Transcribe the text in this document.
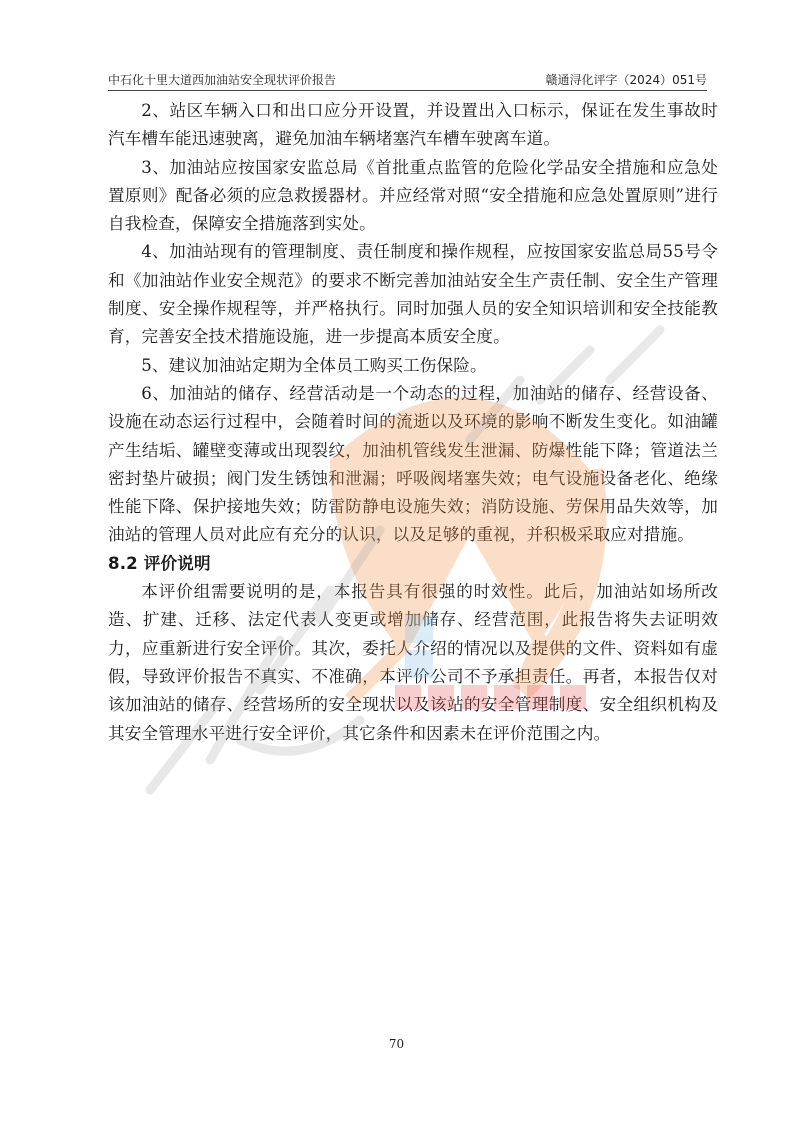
中石化十里大道西加油站安全现状评价报告	赣通浔化评字（2024）051号

2、站区车辆入口和出口应分开设置，并设置出入口标示，保证在发生事故时汽车槽车能迅速驶离，避免加油车辆堵塞汽车槽车驶离车道。

3、加油站应按国家安监总局《首批重点监管的危险化学品安全措施和应急处置原则》配备必须的应急救援器材。并应经常对照“安全措施和应急处置原则”进行自我检查，保障安全措施落到实处。

4、加油站现有的管理制度、责任制度和操作规程，应按国家安监总局55号令和《加油站作业安全规范》的要求不断完善加油站安全生产责任制、安全生产管理制度、安全操作规程等，并严格执行。同时加强人员的安全知识培训和安全技能教育，完善安全技术措施设施，进一步提高本质安全度。

5、建议加油站定期为全体员工购买工伤保险。

6、加油站的储存、经营活动是一个动态的过程，加油站的储存、经营设备、设施在动态运行过程中，会随着时间的流逝以及环境的影响不断发生变化。如油罐产生结垢、罐壁变薄或出现裂纹，加油机管线发生泄漏、防爆性能下降；管道法兰密封垫片破损；阀门发生锈蚀和泄漏；呼吸阀堵塞失效；电气设施设备老化、绝缘性能下降、保护接地失效；防雷防静电设施失效；消防设施、劳保用品失效等，加油站的管理人员对此应有充分的认识，以及足够的重视，并积极采取应对措施。

8.2 评价说明

本评价组需要说明的是，本报告具有很强的时效性。此后，加油站如场所改造、扩建、迁移、法定代表人变更或增加储存、经营范围，此报告将失去证明效力，应重新进行安全评价。其次，委托人介绍的情况以及提供的文件、资料如有虚假，导致评价报告不真实、不准确，本评价公司不予承担责任。再者，本报告仅对该加油站的储存、经营场所的安全现状以及该站的安全管理制度、安全组织机构及其安全管理水平进行安全评价，其它条件和因素未在评价范围之内。

70
